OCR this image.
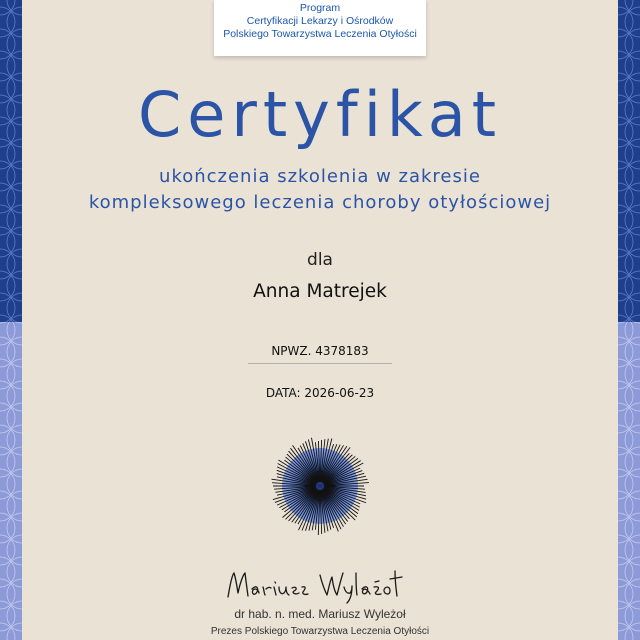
Program
Certyfikacji Lekarzy i Ośrodków
Polskiego Towarzystwa Leczenia Otyłości
Certyfikat
ukończenia szkolenia w zakresie
kompleksowego leczenia choroby otyłościowej
dla
Anna Matrejek
NPWZ. 4378183
DATA: 2026-06-23
dr hab. n. med. Mariusz Wyleżoł
Prezes Polskiego Towarzystwa Leczenia Otyłości
